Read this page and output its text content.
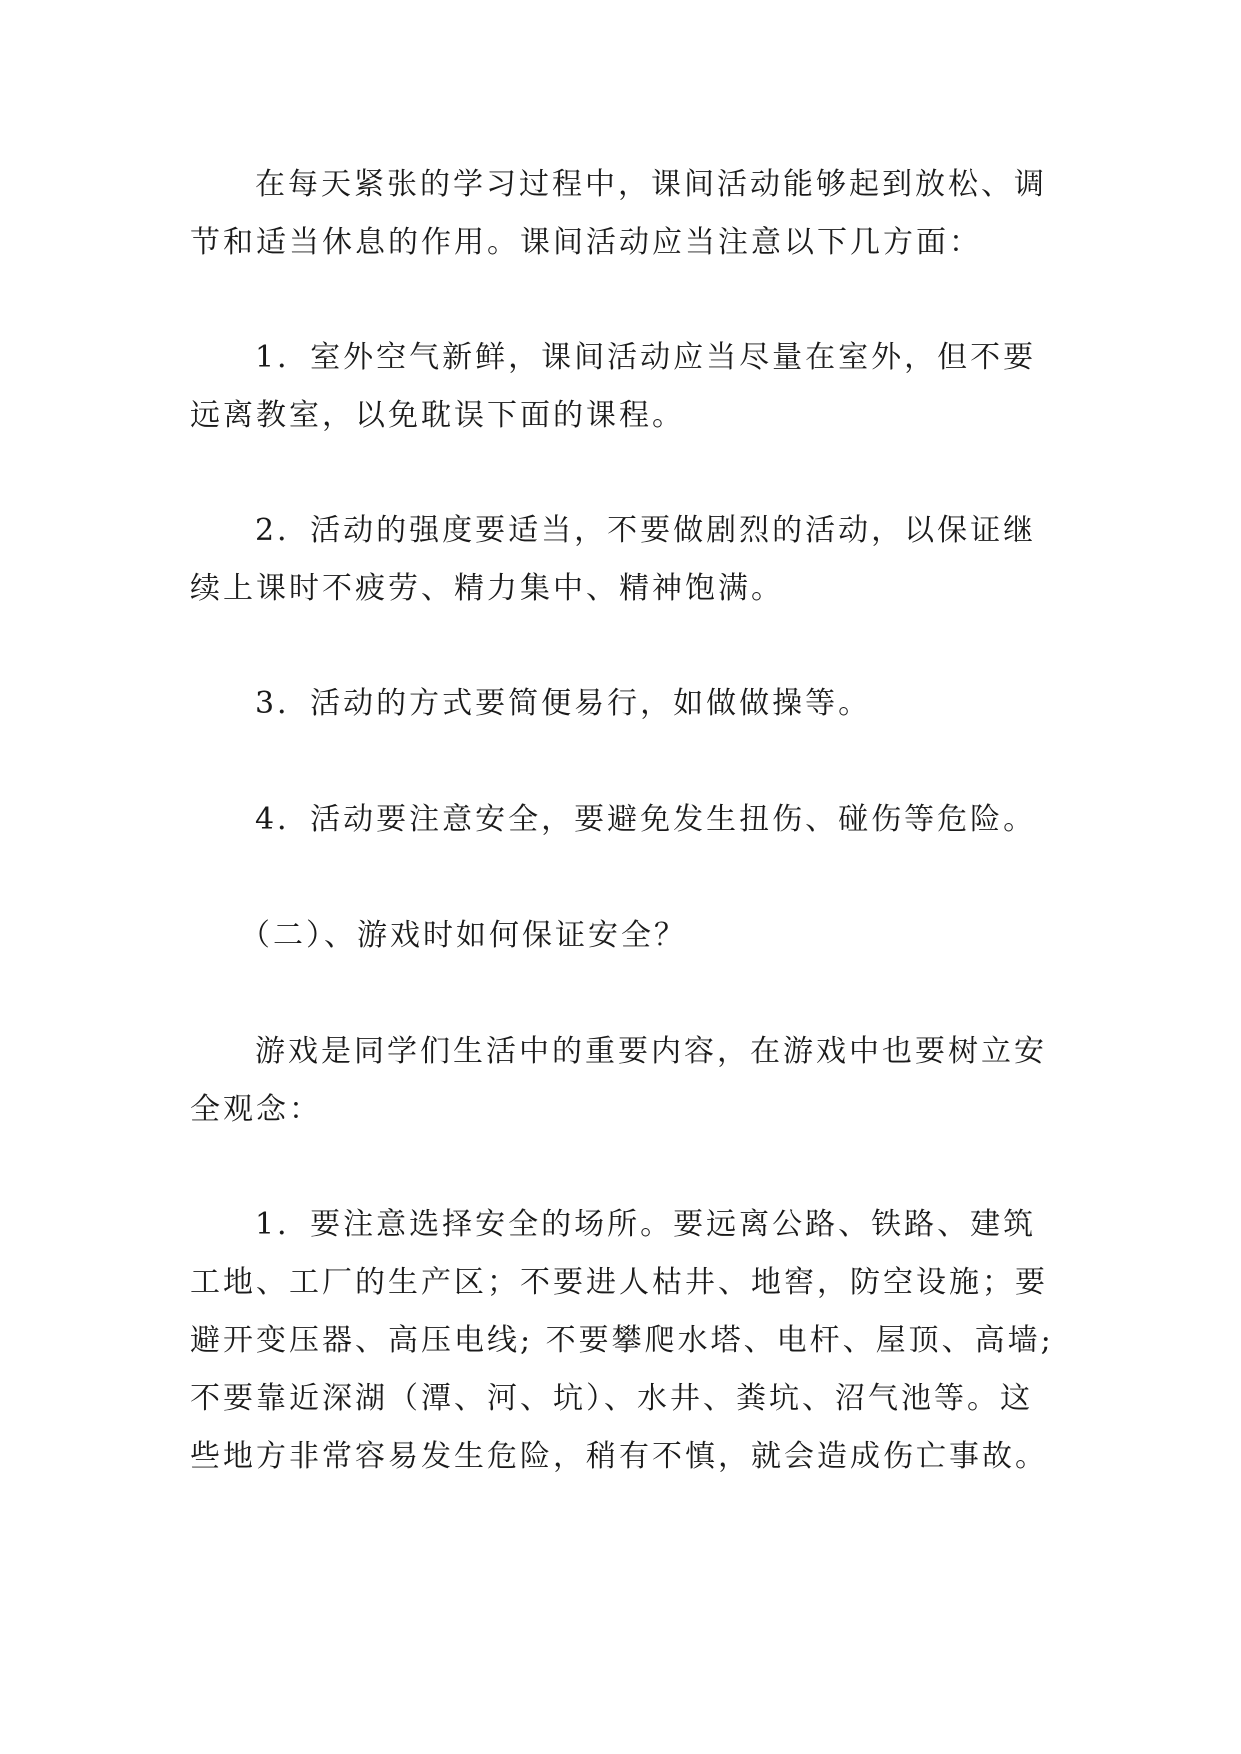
在每天紧张的学习过程中，课间活动能够起到放松、调
节和适当休息的作用。课间活动应当注意以下几方面：
1．室外空气新鲜，课间活动应当尽量在室外，但不要
远离教室，以免耽误下面的课程。
2．活动的强度要适当，不要做剧烈的活动，以保证继
续上课时不疲劳、精力集中、精神饱满。
3．活动的方式要简便易行，如做做操等。
4．活动要注意安全，要避免发生扭伤、碰伤等危险。
（二）、游戏时如何保证安全？
游戏是同学们生活中的重要内容，在游戏中也要树立安
全观念：
1．要注意选择安全的场所。要远离公路、铁路、建筑
工地、工厂的生产区；不要进人枯井、地窖，防空设施；要
避开变压器、高压电线; 不要攀爬水塔、电杆、屋顶、高墙;
不要靠近深湖（潭、河、坑）、水井、粪坑、沼气池等。这
些地方非常容易发生危险，稍有不慎，就会造成伤亡事故。
